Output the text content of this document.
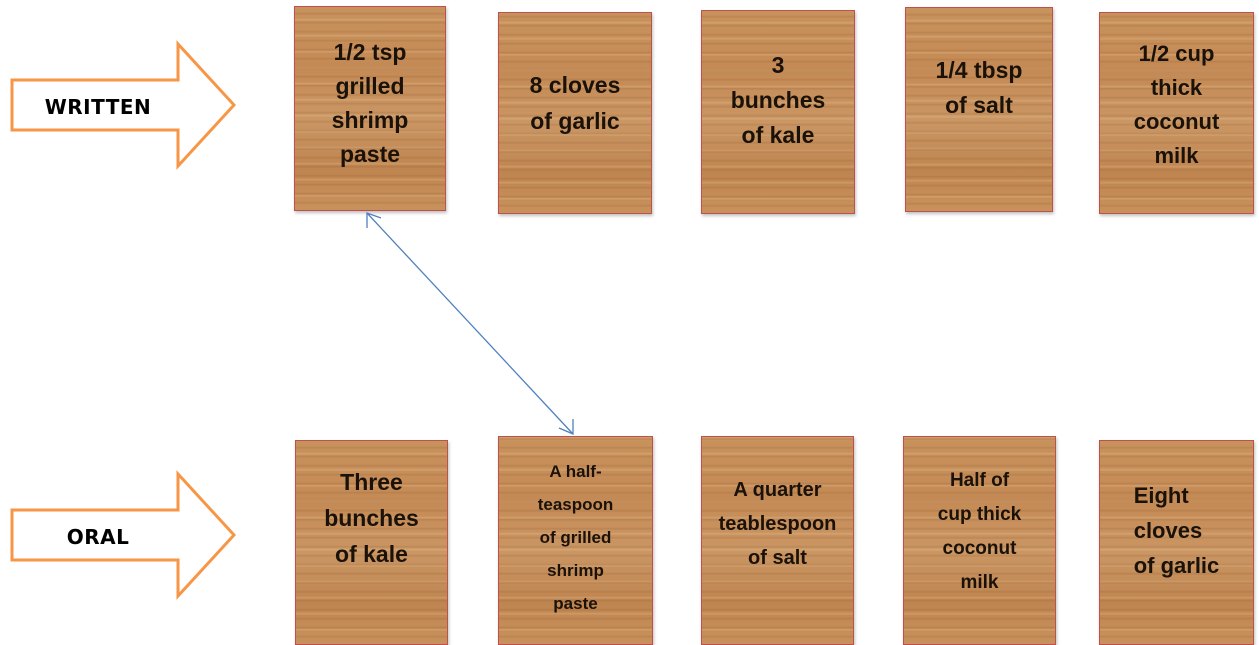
WRITTEN
ORAL
1/2 tsp
grilled
shrimp
paste
8 cloves
of garlic
3
bunches
of kale
1/4 tbsp
of salt
1/2 cup
thick
coconut
milk
Three
bunches
of kale
A half-
teaspoon
of grilled
shrimp
paste
A quarter
teablespoon
of salt
Half of
cup thick
coconut
milk
Eight
cloves
of garlic
